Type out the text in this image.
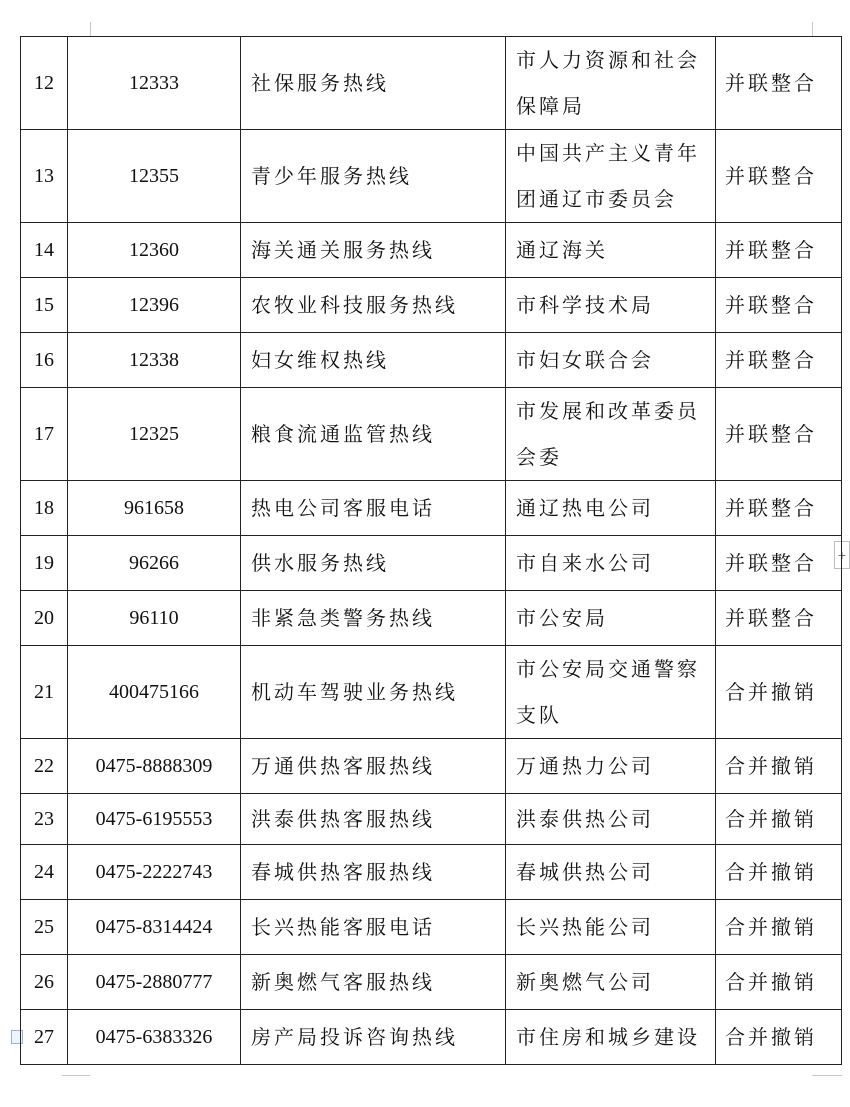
+
12	12333	社保服务热线	市人力资源和社会保障局	并联整合
13	12355	青少年服务热线	中国共产主义青年团通辽市委员会	并联整合
14	12360	海关通关服务热线	通辽海关	并联整合
15	12396	农牧业科技服务热线	市科学技术局	并联整合
16	12338	妇女维权热线	市妇女联合会	并联整合
17	12325	粮食流通监管热线	市发展和改革委员会委	并联整合
18	961658	热电公司客服电话	通辽热电公司	并联整合
19	96266	供水服务热线	市自来水公司	并联整合
20	96110	非紧急类警务热线	市公安局	并联整合
21	400475166	机动车驾驶业务热线	市公安局交通警察支队	合并撤销
22	0475-8888309	万通供热客服热线	万通热力公司	合并撤销
23	0475-6195553	洪泰供热客服热线	洪泰供热公司	合并撤销
24	0475-2222743	春城供热客服热线	春城供热公司	合并撤销
25	0475-8314424	长兴热能客服电话	长兴热能公司	合并撤销
26	0475-2880777	新奥燃气客服热线	新奥燃气公司	合并撤销
27	0475-6383326	房产局投诉咨询热线	市住房和城乡建设	合并撤销
